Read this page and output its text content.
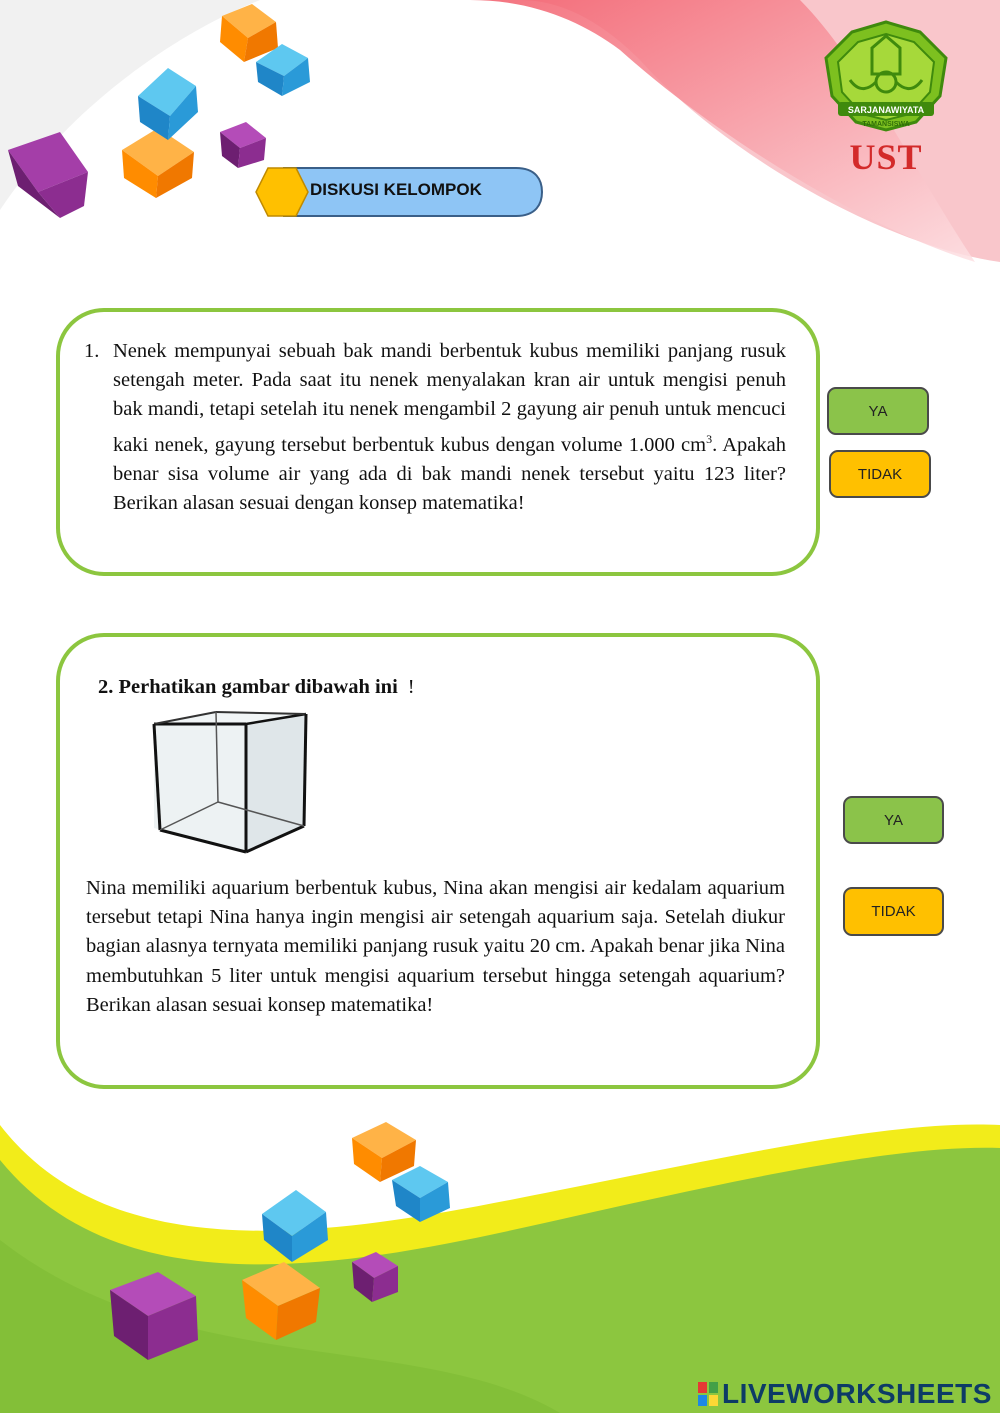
SARJANAWIYATA
TAMANSISWA
UST
DISKUSI KELOMPOK
1. Nenek mempunyai sebuah bak mandi berbentuk kubus memiliki panjang rusuk setengah meter. Pada saat itu nenek menyalakan kran air untuk mengisi penuh bak mandi, tetapi setelah itu nenek mengambil 2 gayung air penuh untuk mencuci kaki nenek, gayung tersebut berbentuk kubus dengan volume 1.000 $cm^3$. Apakah benar sisa volume air yang ada di bak mandi nenek tersebut yaitu 123 liter? Berikan alasan sesuai dengan konsep matematika!
YA
TIDAK
2. Perhatikan gambar dibawah ini !
Nina memiliki aquarium berbentuk kubus, Nina akan mengisi air kedalam aquarium tersebut tetapi Nina hanya ingin mengisi air setengah aquarium saja. Setelah diukur bagian alasnya ternyata memiliki panjang rusuk yaitu 20 cm. Apakah benar jika Nina membutuhkan 5 liter untuk mengisi aquarium tersebut hingga setengah aquarium? Berikan alasan sesuai konsep matematika!
YA
TIDAK
LIVEWORKSHEETS
